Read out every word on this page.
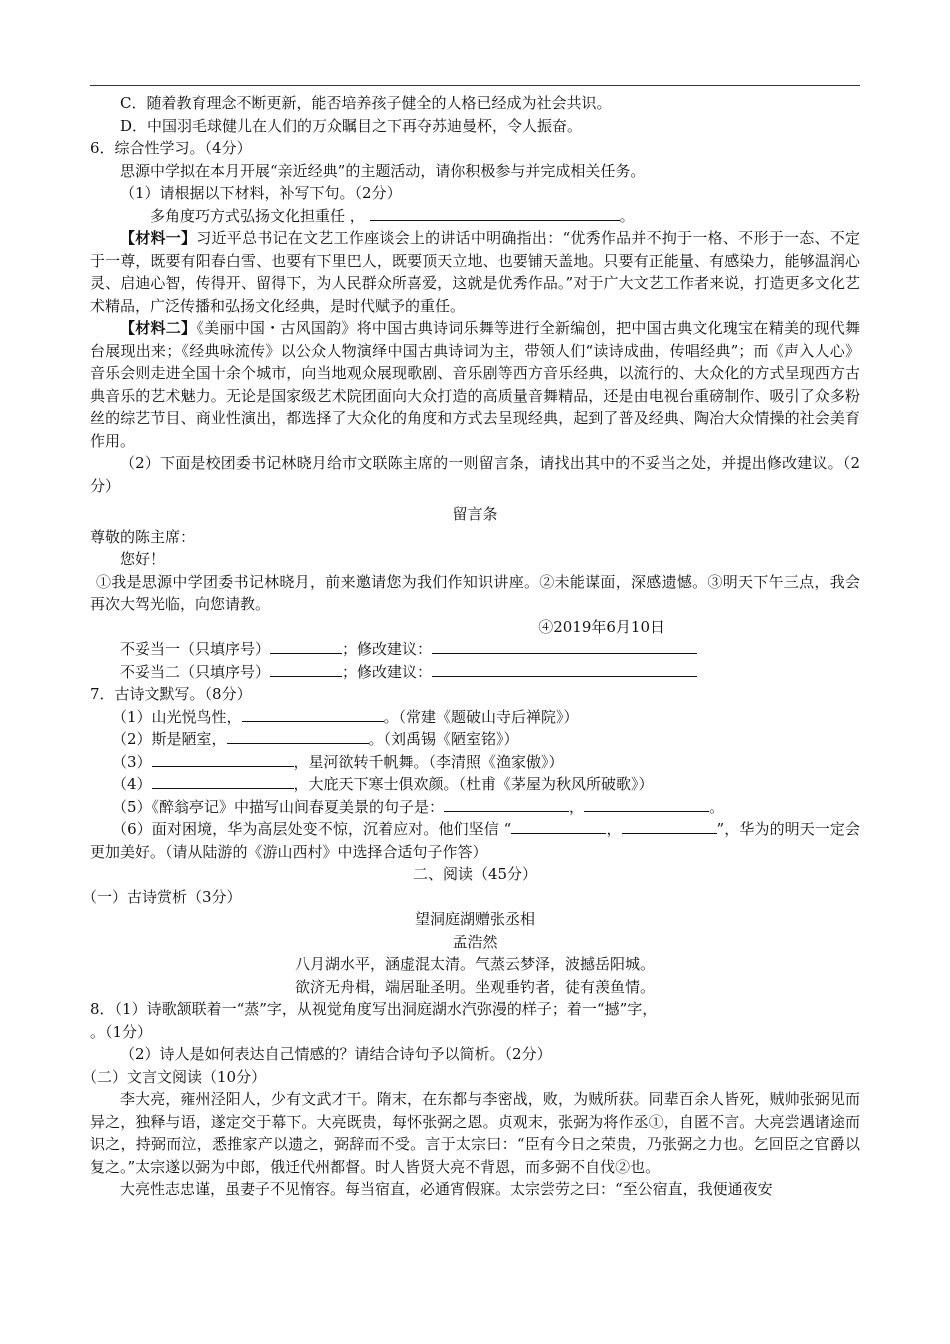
C．随着教育理念不断更新，能否培养孩子健全的人格已经成为社会共识。

D．中国羽毛球健儿在人们的万众瞩目之下再夺苏迪曼杯，令人振奋。

6．综合性学习。（4分）

思源中学拟在本月开展“亲近经典”的主题活动，请你积极参与并完成相关任务。

（1）请根据以下材料，补写下句。（2分）

多角度巧方式弘扬文化担重任 ，	。

【材料一】习近平总书记在文艺工作座谈会上的讲话中明确指出：“优秀作品并不拘于一格、不形于一态、不定于一尊，既要有阳春白雪、也要有下里巴人，既要顶天立地、也要铺天盖地。只要有正能量、有感染力，能够温润心灵、启迪心智，传得开、留得下，为人民群众所喜爱，这就是优秀作品。”对于广大文艺工作者来说，打造更多文化艺术精品，广泛传播和弘扬文化经典，是时代赋予的重任。

【材料二】《美丽中国・古风国韵》将中国古典诗词乐舞等进行全新编创，把中国古典文化瑰宝在精美的现代舞台展现出来；《经典咏流传》以公众人物演绎中国古典诗词为主，带领人们“读诗成曲，传唱经典”；而《声入人心》音乐会则走进全国十余个城市，向当地观众展现歌剧、音乐剧等西方音乐经典，以流行的、大众化的方式呈现西方古典音乐的艺术魅力。无论是国家级艺术院团面向大众打造的高质量音舞精品，还是由电视台重磅制作、吸引了众多粉丝的综艺节目、商业性演出，都选择了大众化的角度和方式去呈现经典，起到了普及经典、陶冶大众情操的社会美育作用。

（2）下面是校团委书记林晓月给市文联陈主席的一则留言条，请找出其中的不妥当之处，并提出修改建议。（2分）

留言条

尊敬的陈主席：

您好！

①我是思源中学团委书记林晓月，前来邀请您为我们作知识讲座。②未能谋面，深感遗憾。③明天下午三点，我会再次大驾光临，向您请教。

④2019年6月10日

不妥当一（只填序号）	；修改建议：

不妥当二（只填序号）	；修改建议：

7．古诗文默写。（8分）

（1）山光悦鸟性，	。（常建《题破山寺后禅院》）

（2）斯是陋室，	。（刘禹锡《陋室铭》）

（3）	，星河欲转千帆舞。（李清照《渔家傲》）

（4）	，大庇天下寒士俱欢颜。（杜甫《茅屋为秋风所破歌》）

（5）《醉翁亭记》中描写山间春夏美景的句子是：	，	。

（6）面对困境，华为高层处变不惊，沉着应对。他们坚信 “	，	”，华为的明天一定会更加美好。（请从陆游的《游山西村》中选择合适句子作答）

二、阅读（45分）

（一）古诗赏析（3分）

望洞庭湖赠张丞相

孟浩然

八月湖水平，涵虚混太清。气蒸云梦泽，波撼岳阳城。

欲济无舟楫，端居耻圣明。坐观垂钓者，徒有羡鱼情。

8．（1）诗歌颔联着一“蒸”字，从视觉角度写出洞庭湖水汽弥漫的样子；着一“撼”字，

。（1分）

（2）诗人是如何表达自己情感的？请结合诗句予以简析。（2分）

（二）文言文阅读（10分）

李大亮，雍州泾阳人，少有文武才干。隋末，在东都与李密战，败，为贼所获。同辈百余人皆死，贼帅张弼见而异之，独释与语，遂定交于幕下。大亮既贵，每怀张弼之恩。贞观末，张弼为将作丞①，自匿不言。大亮尝遇诸途而识之，持弼而泣，悉推家产以遗之，弼辞而不受。言于太宗曰：“臣有今日之荣贵，乃张弼之力也。乞回臣之官爵以复之。”太宗遂以弼为中郎，俄迁代州都督。时人皆贤大亮不背恩，而多弼不自伐②也。

大亮性志忠谨，虽妻子不见惰容。每当宿直，必通宵假寐。太宗尝劳之曰：“至公宿直，我便通夜安
